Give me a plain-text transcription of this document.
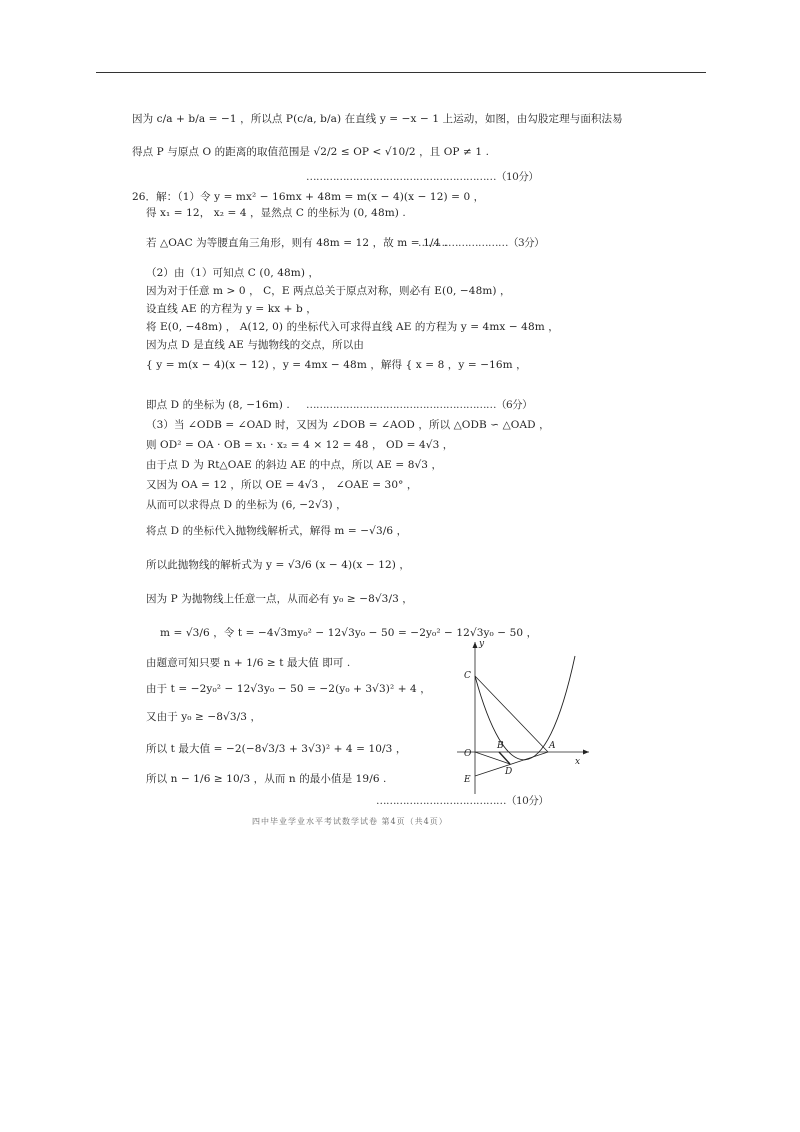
因为 c/a + b/a = −1 ，所以点 P(c/a, b/a) 在直线 y = −x − 1 上运动，如图，由勾股定理与面积法易
得点 P 与原点 O 的距离的取值范围是 √2/2 ≤ OP < √10/2 ，且 OP ≠ 1 .
26．解：（1）令 y = mx² − 16mx + 48m = m(x − 4)(x − 12) = 0 ，
得 x₁ = 12， x₂ = 4 ，显然点 C 的坐标为 (0, 48m) .
若 △OAC 为等腰直角三角形，则有 48m = 12 ，故 m = 1/4 .
（2）由（1）可知点 C (0, 48m) ，
因为对于任意 m > 0 ， C，E 两点总关于原点对称，则必有 E(0, −48m) ，
设直线 AE 的方程为 y = kx + b ，
将 E(0, −48m) ， A(12, 0) 的坐标代入可求得直线 AE 的方程为 y = 4mx − 48m ，
因为点 D 是直线 AE 与抛物线的交点，所以由
{ y = m(x − 4)(x − 12) ，y = 4mx − 48m ，解得 { x = 8 ，y = −16m ，
即点 D 的坐标为 (8, −16m) .
（3）当 ∠ODB = ∠OAD 时，又因为 ∠DOB = ∠AOD ，所以 △ODB ∽ △OAD ，
则 OD² = OA · OB = x₁ · x₂ = 4 × 12 = 48 ， OD = 4√3 ，
由于点 D 为 Rt△OAE 的斜边 AE 的中点，所以 AE = 8√3 ，
又因为 OA = 12 ，所以 OE = 4√3 ， ∠OAE = 30° ，
从而可以求得点 D 的坐标为 (6, −2√3) ，
将点 D 的坐标代入抛物线解析式，解得 m = −√3/6 ，
所以此抛物线的解析式为 y = √3/6 (x − 4)(x − 12) ，
因为 P 为抛物线上任意一点，从而必有 y₀ ≥ −8√3/3 ，
m = √3/6 ，令 t = −4√3my₀² − 12√3y₀ − 50 = −2y₀² − 12√3y₀ − 50 ，
由题意可知只要 n + 1/6 ≥ t 最大值 即可 .
由于 t = −2y₀² − 12√3y₀ − 50 = −2(y₀ + 3√3)² + 4 ，
又由于 y₀ ≥ −8√3/3 ，
所以 t 最大值 = −2(−8√3/3 + 3√3)² + 4 = 10/3 ，
所以 n − 1/6 ≥ 10/3 ，从而 n 的最小值是 19/6 .
…………………………………………………（10分）
………………………（3分）
…………………………………………………（6分）
…………………………………（10分）
y
x
C
O
E
B	A
D
四中毕业学业水平考试数学试卷 第4页（共4页）
